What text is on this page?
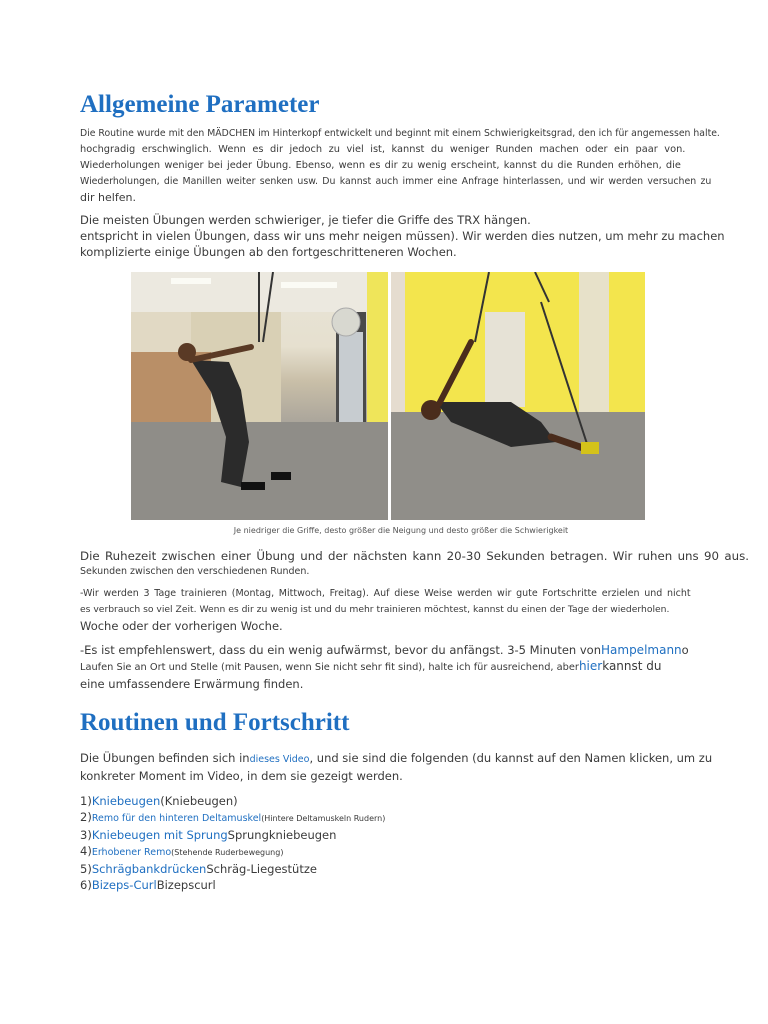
Allgemeine Parameter
Die Routine wurde mit den MÄDCHEN im Hinterkopf entwickelt und beginnt mit einem Schwierigkeitsgrad, den ich für angemessen halte.
hochgradig erschwinglich. Wenn es dir jedoch zu viel ist, kannst du weniger Runden machen oder ein paar von.
Wiederholungen weniger bei jeder Übung. Ebenso, wenn es dir zu wenig erscheint, kannst du die Runden erhöhen, die
Wiederholungen, die Manillen weiter senken usw. Du kannst auch immer eine Anfrage hinterlassen, und wir werden versuchen zu
dir helfen.
Die meisten Übungen werden schwieriger, je tiefer die Griffe des TRX hängen.
entspricht in vielen Übungen, dass wir uns mehr neigen müssen). Wir werden dies nutzen, um mehr zu machen
komplizierte einige Übungen ab den fortgeschritteneren Wochen.
Je niedriger die Griffe, desto größer die Neigung und desto größer die Schwierigkeit
Die Ruhezeit zwischen einer Übung und der nächsten kann 20-30 Sekunden betragen. Wir ruhen uns 90 aus.
Sekunden zwischen den verschiedenen Runden.
-Wir werden 3 Tage trainieren (Montag, Mittwoch, Freitag). Auf diese Weise werden wir gute Fortschritte erzielen und nicht
es verbrauch so viel Zeit. Wenn es dir zu wenig ist und du mehr trainieren möchtest, kannst du einen der Tage der wiederholen.
Woche oder der vorherigen Woche.
-Es ist empfehlenswert, dass du ein wenig aufwärmst, bevor du anfängst. 3-5 Minuten vonHampelmanno
Laufen Sie an Ort und Stelle (mit Pausen, wenn Sie nicht sehr fit sind), halte ich für ausreichend, aberhierkannst du
eine umfassendere Erwärmung finden.
Routinen und Fortschritt
Die Übungen befinden sich indieses Video, und sie sind die folgenden (du kannst auf den Namen klicken, um zu
konkreter Moment im Video, in dem sie gezeigt werden.
1)Kniebeugen(Kniebeugen)
2)Remo für den hinteren Deltamuskel(Hintere Deltamuskeln Rudern)
3)Kniebeugen mit SprungSprungkniebeugen
4)Erhobener Remo(Stehende Ruderbewegung)
5)SchrägbankdrückenSchräg-Liegestütze
6)Bizeps-CurlBizepscurl
